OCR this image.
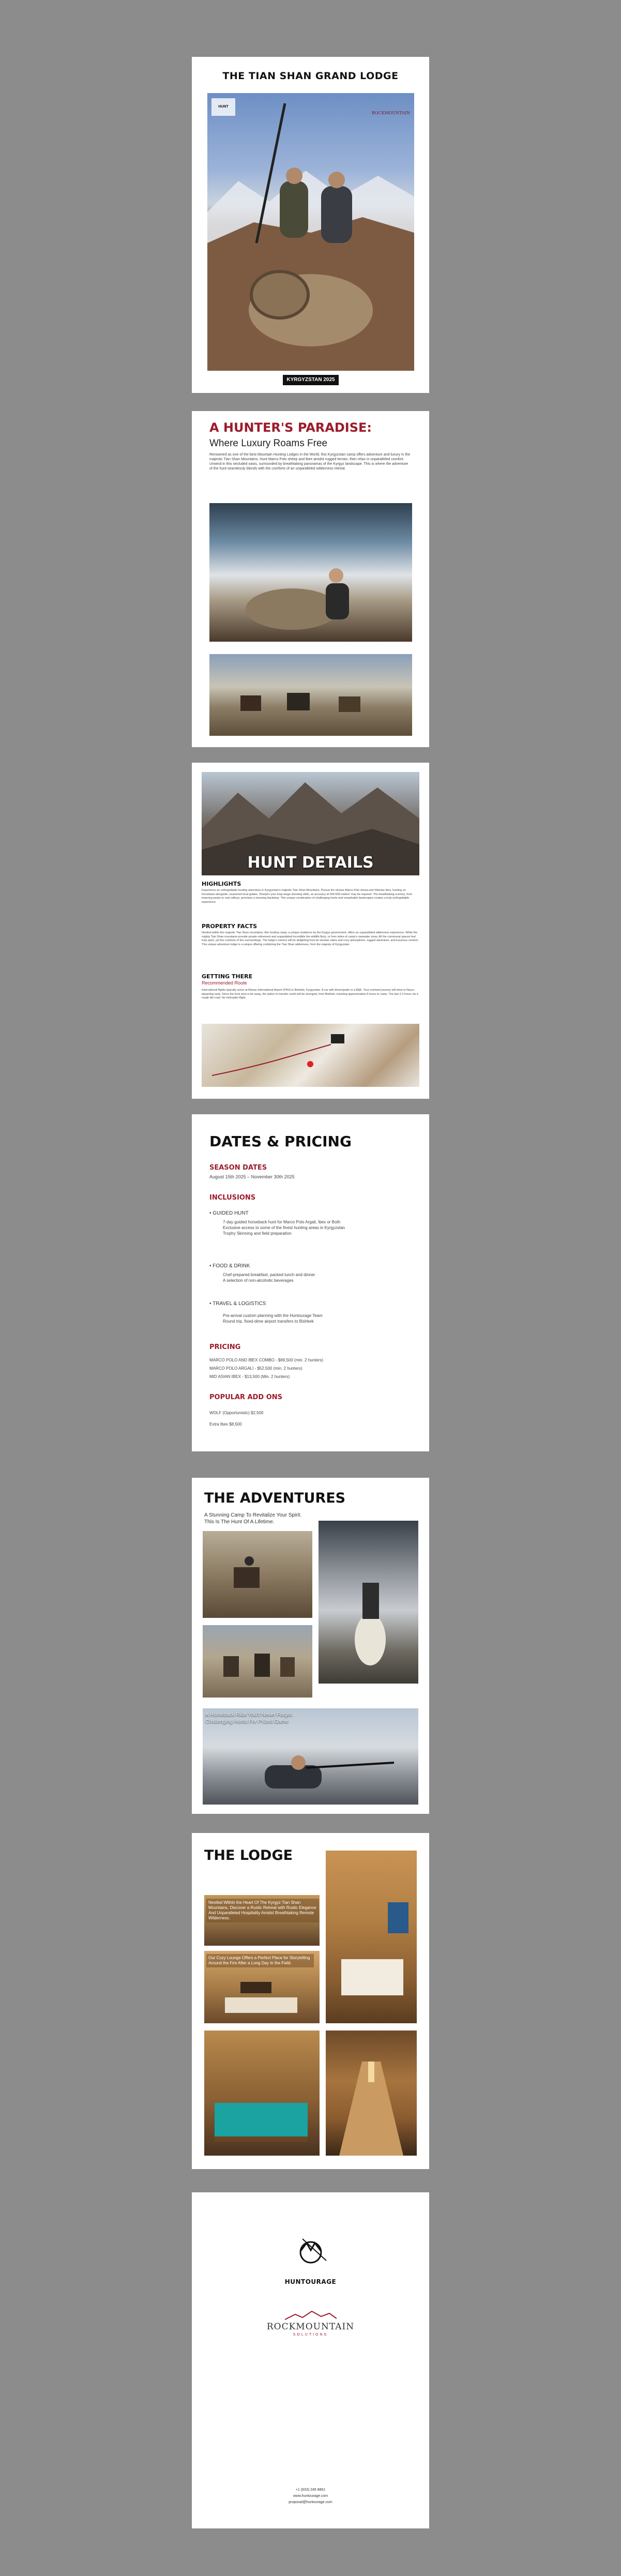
THE TIAN SHAN GRAND LODGE
HUNT
ROCKMOUNTAIN
KYRGYZSTAN 2025
A HUNTER'S PARADISE:
Where Luxury Roams Free
Renowned as one of the best Mountain Hunting Lodges in the World, this Kyrgyzstan camp offers adventure and luxury in the majestic Tian Shan Mountains. Hunt Marco Polo sheep and Ibex amidst rugged terrain, then relax in unparalleled comfort. Unwind in this secluded oasis, surrounded by breathtaking panoramas of the Kyrgyz landscape. This is where the adventure of the hunt seamlessly blends with the comforts of an unparalleled wilderness retreat.
HUNT DETAILS
HIGHLIGHTS
Experience an unforgettable hunting adventure in Kyrgyzstan's majestic Tian Shan Mountains. Pursue the elusive Marco Polo sheep and Siberian Ibex, hunting on horseback alongside, seasoned local guides. Sharpen your long-range shooting skills, as accuracy at 300-500 meters' may be required. The breathtaking scenery, from towering peaks to vast valleys, promises a stunning backdrop. This unique combination of challenging hunts and remarkable landscapes creates a truly unforgettable experience.
PROPERTY FACTS
Nestled within the majestic Tian Shan mountains, this hunting camp, a unique residence by the Kyrgyz government, offers an unparalleled wilderness experience. While the mighty Tian Shan mountains provide private retirement and unparalleled incredible the wildlife flock, or from miles of camp's rosewater array. All the communal spaces feel truly quiet, yet the comforts of the surroundings. The lodge's owners will be delighting from its wooden stairs and cozy atmosphere, rugged adventure, and luxurious comfort. This unique adventure lodge is a unique offering combining the Tian Shan wilderness, from the majesty of Kyrgyzstan.
GETTING THERE
Recommended Route
International flights typically arrive at Manas International Airport (FRU) in Bishkek, Kyrgyzstan. A car with driver/guide or a B&E. Your overland journey will drive to Naryn, departing early. Since the hunt area is far away, the option to transfer south will be arranged, from Bishkek, traveling approximately 8 hours to camp. The last 2-3 hours via a rough dirt road. No helicopter flight.
DATES & PRICING
SEASON DATES
August 15th 2025 – November 30th 2025
INCLUSIONS
• GUIDED HUNT
7-day guided horseback hunt for Marco Polo Argali, Ibex or Both
Exclusive access to some of the finest hunting areas in Kyrgyzstan
Trophy Skinning and field preparation
• FOOD & DRINK
Chef-prepared breakfast, packed lunch and dinner
A selection of non-alcoholic beverages
• TRAVEL & LOGISTICS
Pre-arrival custom planning with the Huntourage Team
Round trip, fixed-dime airport transfers to Bishkek
PRICING
MARCO POLO AND IBEX COMBO - $69,500 (min. 2 hunters)
MARCO POLO ARGALI - $52,500 (min. 2 hunters)
MID ASIAN IBEX - $13,500 (Min. 2 hunters)
POPULAR ADD ONS
WOLF (Opportunistic) $2,500
Extra Ibex $8,500
THE ADVENTURES
A Stunning Camp To Revitalize Your Spirit. This Is The Hunt Of A Lifetime.
A Horseback Ride You'll Never Forget. Challenging Hunts For Prized Game
THE LODGE
Nestled Within the Heart Of The Kyrgyz Tian Shan Mountains, Discover a Rustic Retreat with Rustic Elegance And Unparalleled Hospitality Amidst Breathtaking Remote Wilderness.
Our Cozy Lounge Offers a Perfect Place for Storytelling Around the Fire After a Long Day In the Field.
HUNTOURAGE
ROCKMOUNTAIN
SOLUTIONS
+1 (833) 249 8861
www.huntourage.com
proposal@huntourage.com
